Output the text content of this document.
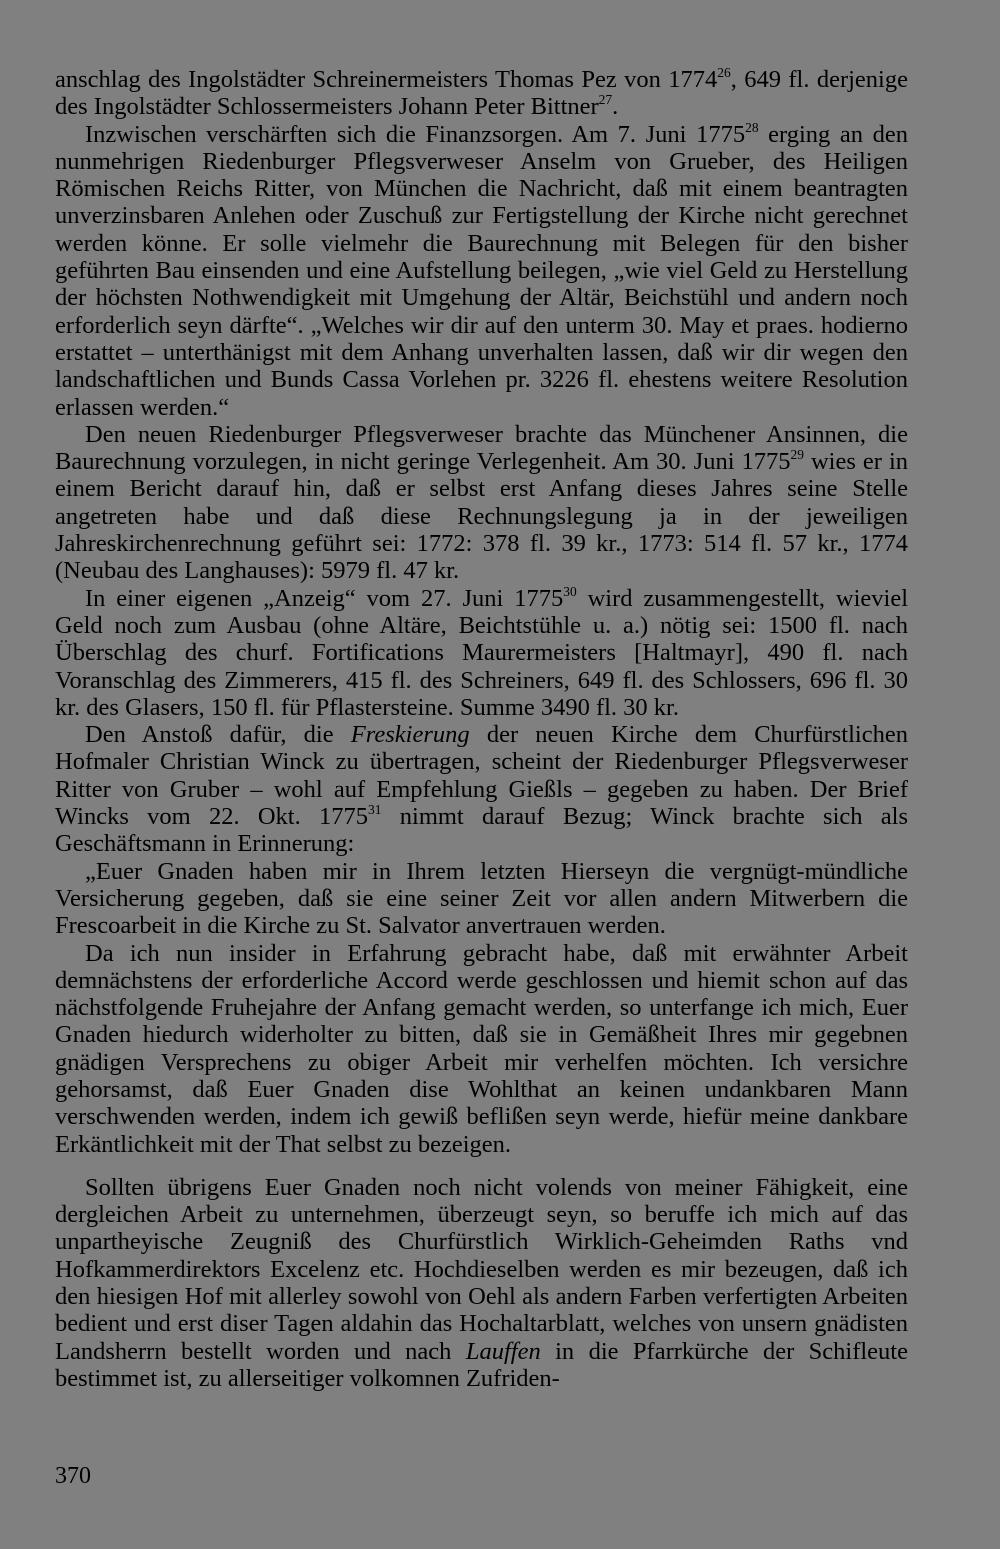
anschlag des Ingolstädter Schreinermeisters Thomas Pez von 1774$^{26}$, 649 fl. derjenige des Ingolstädter Schlossermeisters Johann Peter Bittner$^{27}$.

Inzwischen verschärften sich die Finanzsorgen. Am 7. Juni 1775$^{28}$ erging an den nunmehrigen Riedenburger Pflegsverweser Anselm von Grueber, des Heiligen Römischen Reichs Ritter, von München die Nachricht, daß mit einem beantragten unverzinsbaren Anlehen oder Zuschuß zur Fertigstellung der Kirche nicht gerechnet werden könne. Er solle vielmehr die Baurechnung mit Belegen für den bisher geführten Bau einsenden und eine Aufstellung beilegen, „wie viel Geld zu Herstellung der höchsten Nothwendigkeit mit Umgehung der Altär, Beichstühl und andern noch erforderlich seyn därfte“. „Welches wir dir auf den unterm 30. May et praes. hodierno erstattet – unterthänigst mit dem Anhang unverhalten lassen, daß wir dir wegen den landschaftlichen und Bunds Cassa Vorlehen pr. 3226 fl. ehestens weitere Resolution erlassen werden.“

Den neuen Riedenburger Pflegsverweser brachte das Münchener Ansinnen, die Baurechnung vorzulegen, in nicht geringe Verlegenheit. Am 30. Juni 1775$^{29}$ wies er in einem Bericht darauf hin, daß er selbst erst Anfang dieses Jahres seine Stelle angetreten habe und daß diese Rechnungslegung ja in der jeweiligen Jahreskirchenrechnung geführt sei: 1772: 378 fl. 39 kr., 1773: 514 fl. 57 kr., 1774 (Neubau des Langhauses): 5979 fl. 47 kr.

In einer eigenen „Anzeig“ vom 27. Juni 1775$^{30}$ wird zusammengestellt, wieviel Geld noch zum Ausbau (ohne Altäre, Beichtstühle u. a.) nötig sei: 1500 fl. nach Überschlag des churf. Fortifications Maurermeisters [Haltmayr], 490 fl. nach Voranschlag des Zimmerers, 415 fl. des Schreiners, 649 fl. des Schlossers, 696 fl. 30 kr. des Glasers, 150 fl. für Pflastersteine. Summe 3490 fl. 30 kr.

Den Anstoß dafür, die Freskierung der neuen Kirche dem Churfürstlichen Hofmaler Christian Winck zu übertragen, scheint der Riedenburger Pflegsverweser Ritter von Gruber – wohl auf Empfehlung Gießls – gegeben zu haben. Der Brief Wincks vom 22. Okt. 1775$^{31}$ nimmt darauf Bezug; Winck brachte sich als Geschäftsmann in Erinnerung:

„Euer Gnaden haben mir in Ihrem letzten Hierseyn die vergnügt-mündliche Versicherung gegeben, daß sie eine seiner Zeit vor allen andern Mitwerbern die Frescoarbeit in die Kirche zu St. Salvator anvertrauen werden.

Da ich nun insider in Erfahrung gebracht habe, daß mit erwähnter Arbeit demnächstens der erforderliche Accord werde geschlossen und hiemit schon auf das nächstfolgende Fruhejahre der Anfang gemacht werden, so unterfange ich mich, Euer Gnaden hiedurch widerholter zu bitten, daß sie in Gemäßheit Ihres mir gegebnen gnädigen Versprechens zu obiger Arbeit mir verhelfen möchten. Ich versichre gehorsamst, daß Euer Gnaden dise Wohlthat an keinen undankbaren Mann verschwenden werden, indem ich gewiß beflißen seyn werde, hiefür meine dankbare Erkäntlichkeit mit der That selbst zu bezeigen.

Sollten übrigens Euer Gnaden noch nicht volends von meiner Fähigkeit, eine dergleichen Arbeit zu unternehmen, überzeugt seyn, so beruffe ich mich auf das unpartheyische Zeugniß des Churfürstlich Wirklich-Geheimden Raths vnd Hofkammerdirektors Excelenz etc. Hochdieselben werden es mir bezeugen, daß ich den hiesigen Hof mit allerley sowohl von Oehl als andern Farben verfertigten Arbeiten bedient und erst diser Tagen aldahin das Hochaltarblatt, welches von unsern gnädisten Landsherrn bestellt worden und nach Lauffen in die Pfarrkürche der Schifleute bestimmet ist, zu allerseitiger volkomnen Zufriden-

370
